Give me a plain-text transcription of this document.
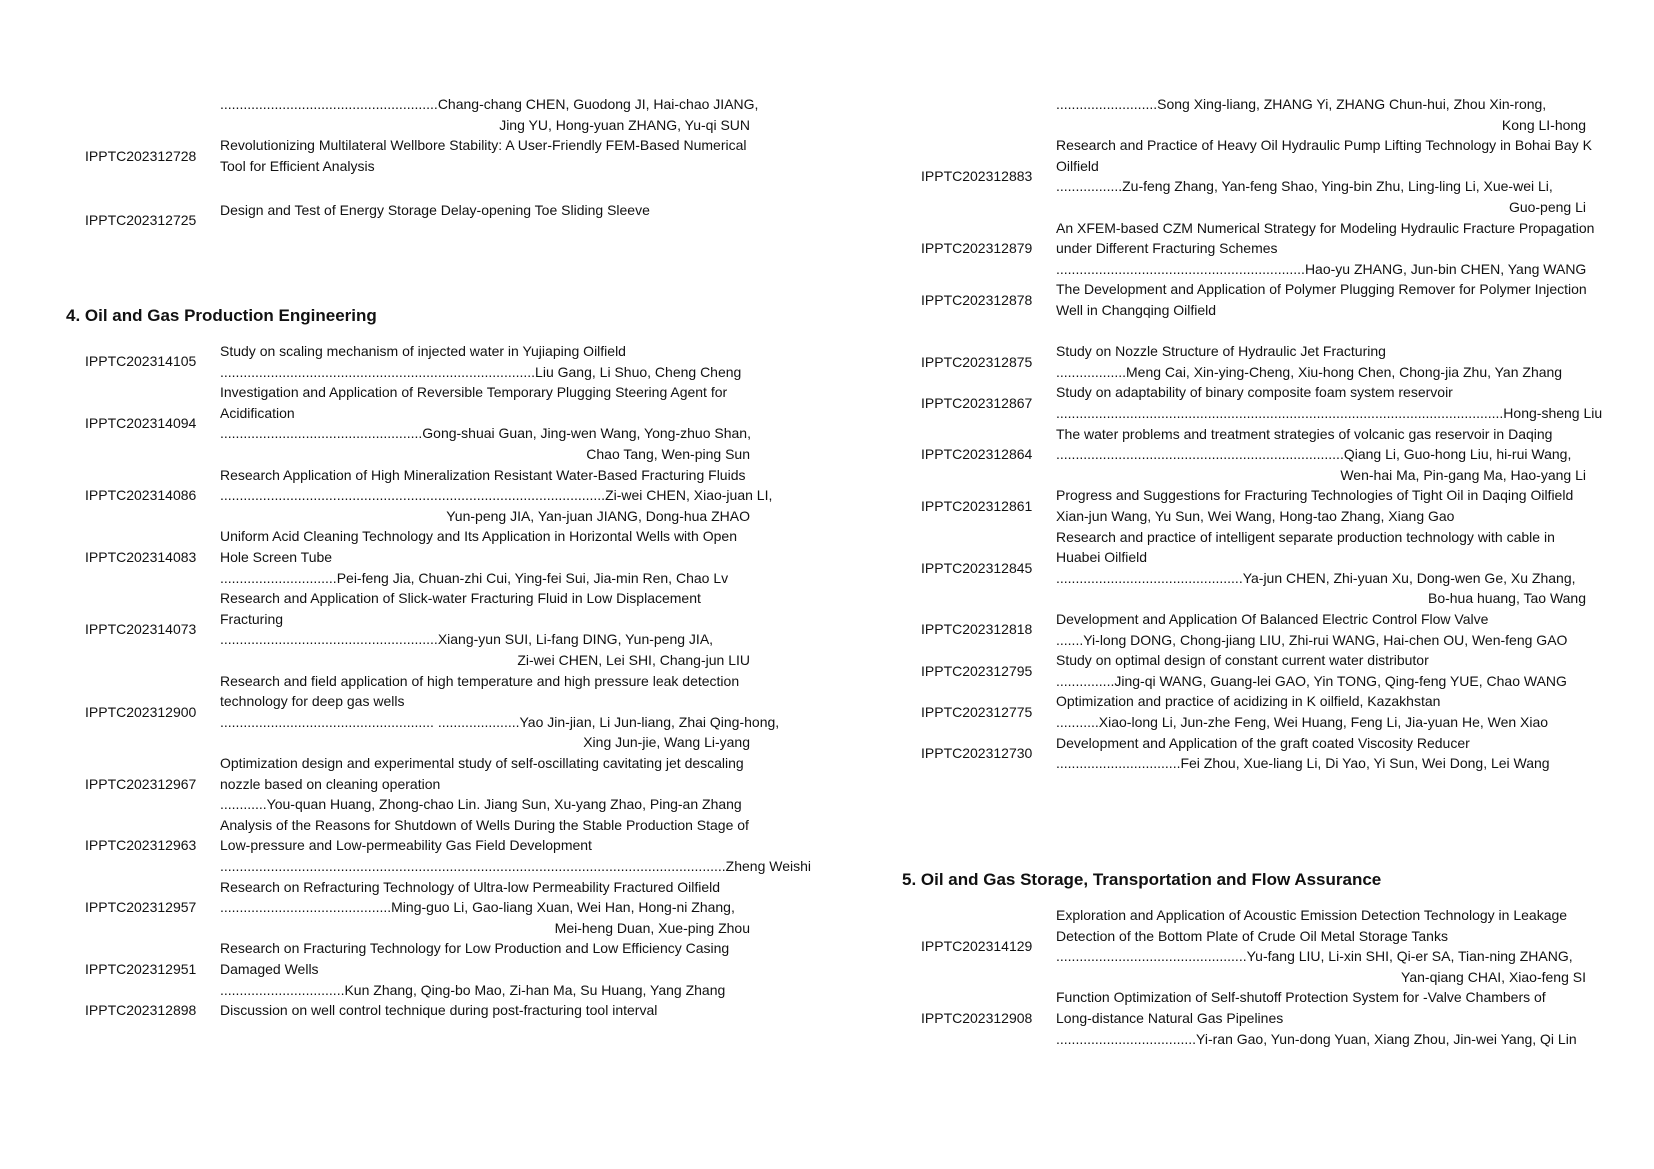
........................................................Chang-chang CHEN, Guodong JI, Hai-chao JIANG,
Jing YU, Hong-yuan ZHANG, Yu-qi SUN
IPPTC202312728
Revolutionizing Multilateral Wellbore Stability: A User-Friendly FEM-Based Numerical
Tool for Efficient Analysis
IPPTC202312725
Design and Test of Energy Storage Delay-opening Toe Sliding Sleeve
4. Oil and Gas Production Engineering
IPPTC202314105
Study on scaling mechanism of injected water in Yujiaping Oilfield
.................................................................................Liu Gang, Li Shuo, Cheng Cheng
IPPTC202314094
Investigation and Application of Reversible Temporary Plugging Steering Agent for
Acidification
....................................................Gong-shuai Guan, Jing-wen Wang, Yong-zhuo Shan,
Chao Tang, Wen-ping Sun
IPPTC202314086
Research Application of High Mineralization Resistant Water-Based Fracturing Fluids
...................................................................................................Zi-wei CHEN, Xiao-juan LI,
Yun-peng JIA, Yan-juan JIANG, Dong-hua ZHAO
IPPTC202314083
Uniform Acid Cleaning Technology and Its Application in Horizontal Wells with Open
Hole Screen Tube
..............................Pei-feng Jia, Chuan-zhi Cui, Ying-fei Sui, Jia-min Ren, Chao Lv
IPPTC202314073
Research and Application of Slick-water Fracturing Fluid in Low Displacement
Fracturing
........................................................Xiang-yun SUI, Li-fang DING, Yun-peng JIA,
Zi-wei CHEN, Lei SHI, Chang-jun LIU
IPPTC202312900
Research and field application of high temperature and high pressure leak detection
technology for deep gas wells
....................................................... .....................Yao Jin-jian, Li Jun-liang, Zhai Qing-hong,
Xing Jun-jie, Wang Li-yang
IPPTC202312967
Optimization design and experimental study of self-oscillating cavitating jet descaling
nozzle based on cleaning operation
............You-quan Huang, Zhong-chao Lin. Jiang Sun, Xu-yang Zhao, Ping-an Zhang
IPPTC202312963
Analysis of the Reasons for Shutdown of Wells During the Stable Production Stage of
Low-pressure and Low-permeability Gas Field Development
..................................................................................................................................Zheng Weishi
IPPTC202312957
Research on Refracturing Technology of Ultra-low Permeability Fractured Oilfield
............................................Ming-guo Li, Gao-liang Xuan, Wei Han, Hong-ni Zhang,
Mei-heng Duan, Xue-ping Zhou
IPPTC202312951
Research on Fracturing Technology for Low Production and Low Efficiency Casing
Damaged Wells
................................Kun Zhang, Qing-bo Mao, Zi-han Ma, Su Huang, Yang Zhang
IPPTC202312898 Discussion on well control technique during post-fracturing tool interval
..........................Song Xing-liang, ZHANG Yi, ZHANG Chun-hui, Zhou Xin-rong,
Kong LI-hong
IPPTC202312883
Research and Practice of Heavy Oil Hydraulic Pump Lifting Technology in Bohai Bay K
Oilfield
.................Zu-feng Zhang, Yan-feng Shao, Ying-bin Zhu, Ling-ling Li, Xue-wei Li,
Guo-peng Li
IPPTC202312879
An XFEM-based CZM Numerical Strategy for Modeling Hydraulic Fracture Propagation
under Different Fracturing Schemes
................................................................Hao-yu ZHANG, Jun-bin CHEN, Yang WANG
IPPTC202312878
The Development and Application of Polymer Plugging Remover for Polymer Injection
Well in Changqing Oilfield
IPPTC202312875
Study on Nozzle Structure of Hydraulic Jet Fracturing
..................Meng Cai, Xin-ying-Cheng, Xiu-hong Chen, Chong-jia Zhu, Yan Zhang
IPPTC202312867
Study on adaptability of binary composite foam system reservoir
...................................................................................................................Hong-sheng Liu
IPPTC202312864
The water problems and treatment strategies of volcanic gas reservoir in Daqing
..........................................................................Qiang Li, Guo-hong Liu, hi-rui Wang,
Wen-hai Ma, Pin-gang Ma, Hao-yang Li
IPPTC202312861
Progress and Suggestions for Fracturing Technologies of Tight Oil in Daqing Oilfield
Xian-jun Wang, Yu Sun, Wei Wang, Hong-tao Zhang, Xiang Gao
IPPTC202312845
Research and practice of intelligent separate production technology with cable in
Huabei Oilfield
................................................Ya-jun CHEN, Zhi-yuan Xu, Dong-wen Ge, Xu Zhang,
Bo-hua huang, Tao Wang
IPPTC202312818
Development and Application Of Balanced Electric Control Flow Valve
.......Yi-long DONG, Chong-jiang LIU, Zhi-rui WANG, Hai-chen OU, Wen-feng GAO
IPPTC202312795
Study on optimal design of constant current water distributor
...............Jing-qi WANG, Guang-lei GAO, Yin TONG, Qing-feng YUE, Chao WANG
IPPTC202312775
Optimization and practice of acidizing in K oilfield, Kazakhstan
...........Xiao-long Li, Jun-zhe Feng, Wei Huang, Feng Li, Jia-yuan He, Wen Xiao
IPPTC202312730
Development and Application of the graft coated Viscosity Reducer
................................Fei Zhou, Xue-liang Li, Di Yao, Yi Sun, Wei Dong, Lei Wang
5. Oil and Gas Storage, Transportation and Flow Assurance
IPPTC202314129
Exploration and Application of Acoustic Emission Detection Technology in Leakage
Detection of the Bottom Plate of Crude Oil Metal Storage Tanks
.................................................Yu-fang LIU, Li-xin SHI, Qi-er SA, Tian-ning ZHANG,
Yan-qiang CHAI, Xiao-feng SI
IPPTC202312908
Function Optimization of Self-shutoff Protection System for -Valve Chambers of
Long-distance Natural Gas Pipelines
....................................Yi-ran Gao, Yun-dong Yuan, Xiang Zhou, Jin-wei Yang, Qi Lin
